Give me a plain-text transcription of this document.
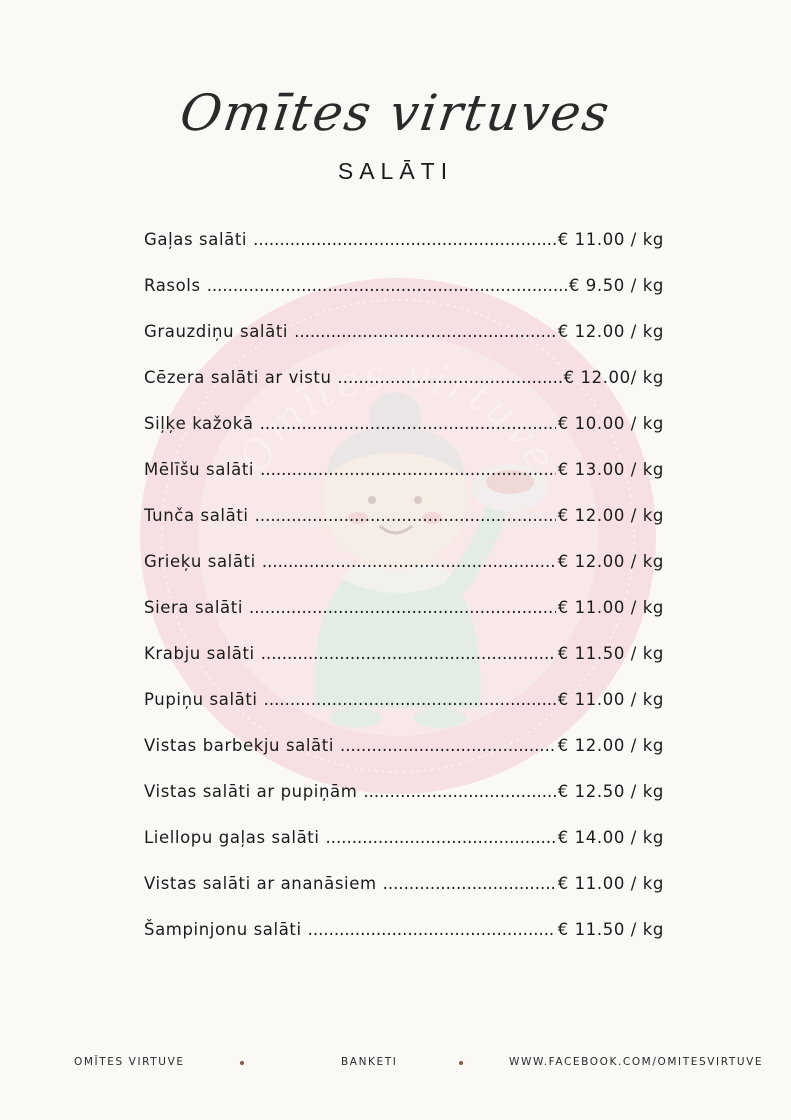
Omītes virtuve
Omītes virtuves
SALĀTI
Gaļas salāti .....	€ 11.00 / kg
Rasols .....	€ 9.50 / kg
Grauzdiņu salāti .....	€ 12.00 / kg
Cēzera salāti ar vistu .....	€ 12.00/ kg
Siļķe kažokā .....	€ 10.00 / kg
Mēlīšu salāti .....	€ 13.00 / kg
Tunča salāti .....	€ 12.00 / kg
Grieķu salāti .....	€ 12.00 / kg
Siera salāti .....	€ 11.00 / kg
Krabju salāti .....	€ 11.50 / kg
Pupiņu salāti .....	€ 11.00 / kg
Vistas barbekju salāti .....	€ 12.00 / kg
Vistas salāti ar pupiņām .....	€ 12.50 / kg
Liellopu gaļas salāti .....	€ 14.00 / kg
Vistas salāti ar ananāsiem .....	€ 11.00 / kg
Šampinjonu salāti .....	€ 11.50 / kg
OMĪTES VIRTUVE	BANKETI	WWW.FACEBOOK.COM/OMITESVIRTUVE
